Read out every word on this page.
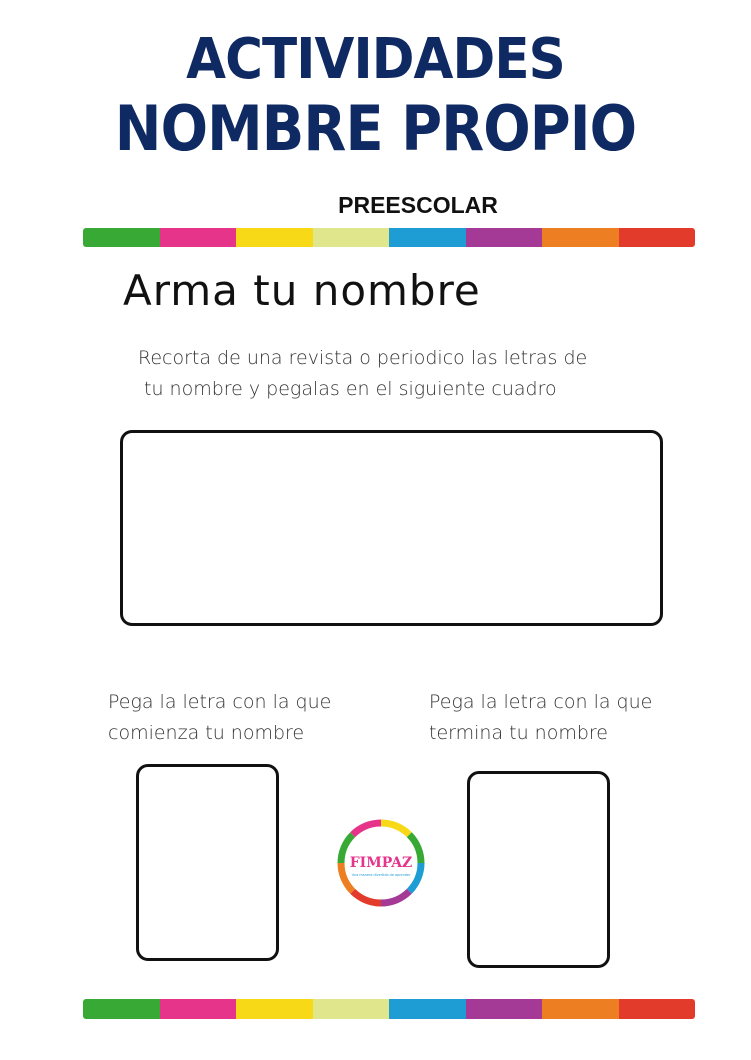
ACTIVIDADES
NOMBRE PROPIO
PREESCOLAR
Arma tu nombre
Recorta de una revista o periodico las letras de
tu nombre y pegalas en el siguiente cuadro
Pega la letra con la que
comienza tu nombre
Pega la letra con la que
termina tu nombre
FIMPAZ
Una manera divertida de aprender
